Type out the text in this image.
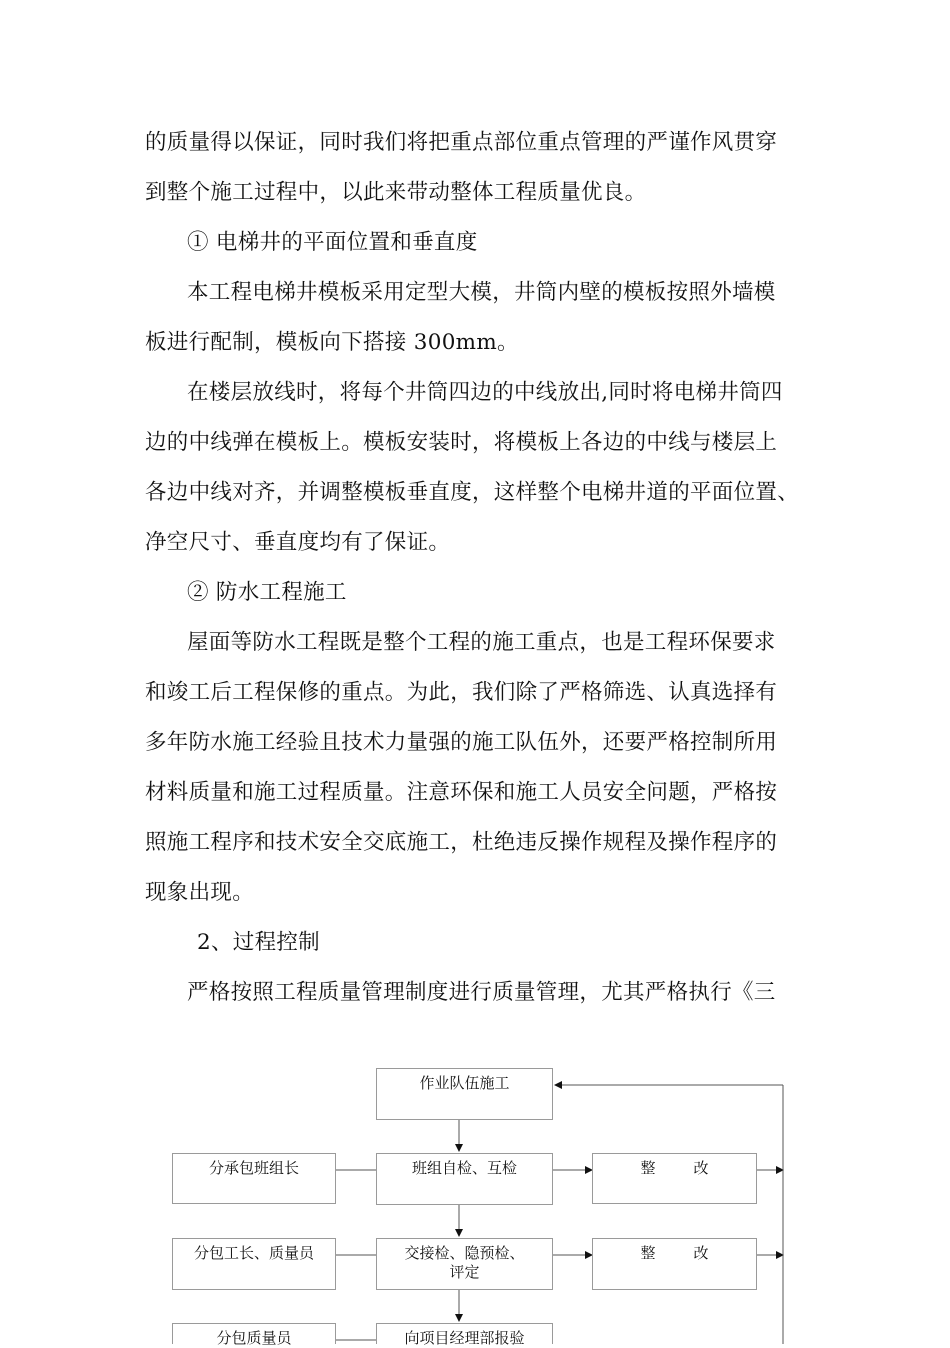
的质量得以保证，同时我们将把重点部位重点管理的严谨作风贯穿
到整个施工过程中，以此来带动整体工程质量优良。
① 电梯井的平面位置和垂直度
本工程电梯井模板采用定型大模，井筒内壁的模板按照外墙模
板进行配制，模板向下搭接 300mm。
在楼层放线时，将每个井筒四边的中线放出,同时将电梯井筒四
边的中线弹在模板上。模板安装时，将模板上各边的中线与楼层上
各边中线对齐，并调整模板垂直度，这样整个电梯井道的平面位置、
净空尺寸、垂直度均有了保证。
② 防水工程施工
屋面等防水工程既是整个工程的施工重点，也是工程环保要求
和竣工后工程保修的重点。为此，我们除了严格筛选、认真选择有
多年防水施工经验且技术力量强的施工队伍外，还要严格控制所用
材料质量和施工过程质量。注意环保和施工人员安全问题，严格按
照施工程序和技术安全交底施工，杜绝违反操作规程及操作程序的
现象出现。
2、过程控制
严格按照工程质量管理制度进行质量管理，尤其严格执行《三
作业队伍施工
分承包班组长	班组自检、互检	整改
分包工长、质量员	交接检、隐预检、
评定
整改
分包质量员	向项目经理部报验
